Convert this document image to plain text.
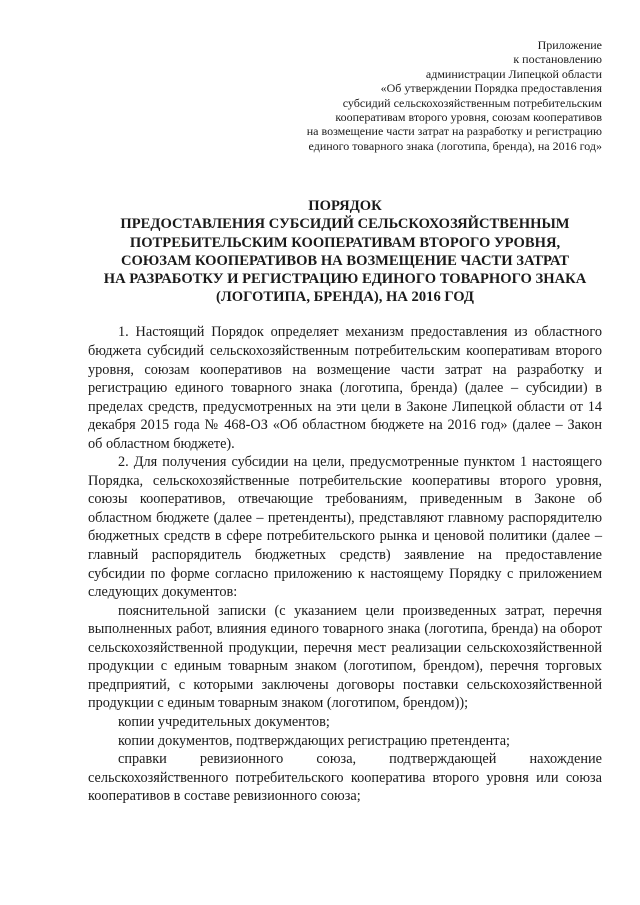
Приложение
к постановлению
администрации Липецкой области
«Об утверждении Порядка предоставления
субсидий сельскохозяйственным потребительским
кооперативам второго уровня, союзам кооперативов
на возмещение части затрат на разработку и регистрацию
единого товарного знака (логотипа, бренда), на 2016 год»
ПОРЯДОК
ПРЕДОСТАВЛЕНИЯ СУБСИДИЙ СЕЛЬСКОХОЗЯЙСТВЕННЫМ
ПОТРЕБИТЕЛЬСКИМ КООПЕРАТИВАМ ВТОРОГО УРОВНЯ,
СОЮЗАМ КООПЕРАТИВОВ НА ВОЗМЕЩЕНИЕ ЧАСТИ ЗАТРАТ
НА РАЗРАБОТКУ И РЕГИСТРАЦИЮ ЕДИНОГО ТОВАРНОГО ЗНАКА
(ЛОГОТИПА, БРЕНДА), НА 2016 ГОД

1. Настоящий Порядок определяет механизм предоставления из областного бюджета субсидий сельскохозяйственным потребительским кооперативам второго уровня, союзам кооперативов на возмещение части затрат на разработку и регистрацию единого товарного знака (логотипа, бренда) (далее – субсидии) в пределах средств, предусмотренных на эти цели в Законе Липецкой области от 14 декабря 2015 года № 468-ОЗ «Об областном бюджете на 2016 год» (далее – Закон об областном бюджете).

2. Для получения субсидии на цели, предусмотренные пунктом 1 настоящего Порядка, сельскохозяйственные потребительские кооперативы второго уровня, союзы кооперативов, отвечающие требованиям, приведенным в Законе об областном бюджете (далее – претенденты), представляют главному распорядителю бюджетных средств в сфере потребительского рынка и ценовой политики (далее – главный распорядитель бюджетных средств) заявление на предоставление субсидии по форме согласно приложению к настоящему Порядку с приложением следующих документов:

пояснительной записки (с указанием цели произведенных затрат, перечня выполненных работ, влияния единого товарного знака (логотипа, бренда) на оборот сельскохозяйственной продукции, перечня мест реализации сельскохозяйственной продукции с единым товарным знаком (логотипом, брендом), перечня торговых предприятий, с которыми заключены договоры поставки сельскохозяйственной продукции с единым товарным знаком (логотипом, брендом));

копии учредительных документов;

копии документов, подтверждающих регистрацию претендента;

справки ревизионного союза, подтверждающей нахождение сельскохозяйственного потребительского кооператива второго уровня или союза кооперативов в составе ревизионного союза;
